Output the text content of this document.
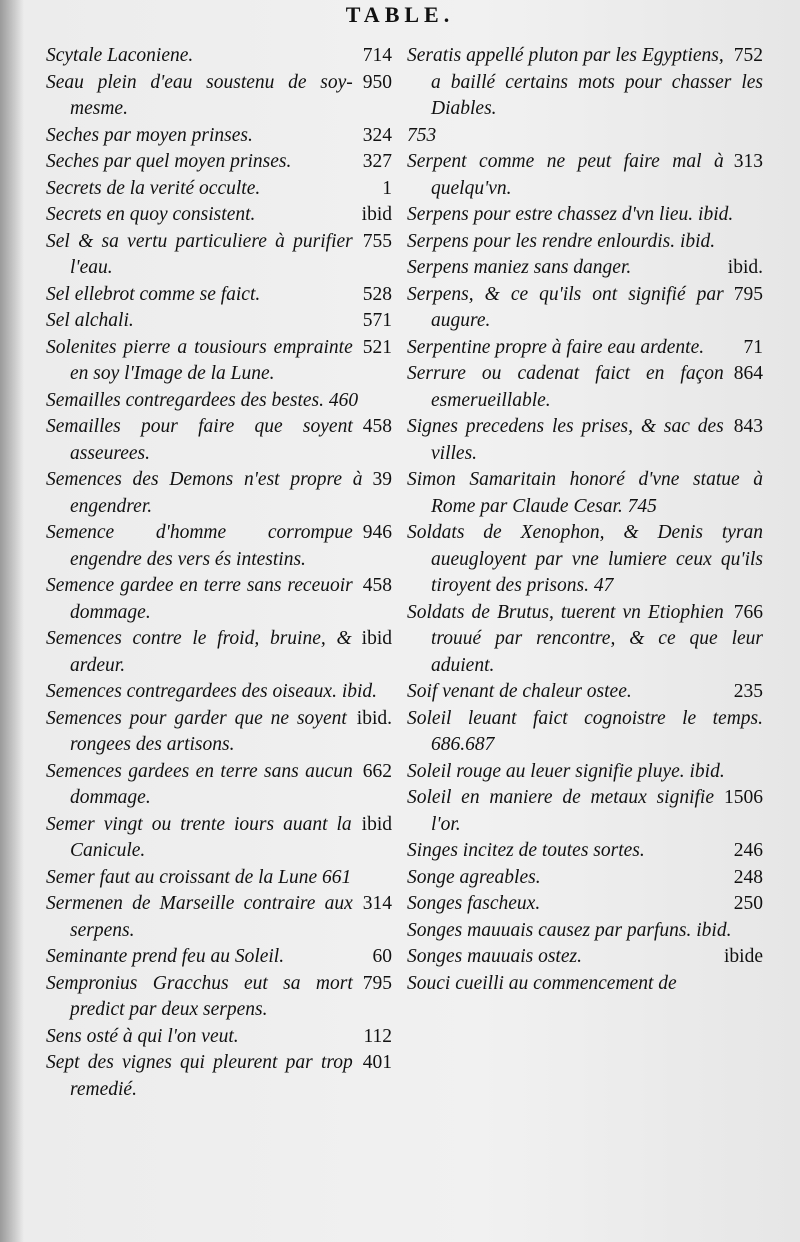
TABLE.
714
Scytale Laconiene.
950
Seau plein d'eau soustenu de soy-mesme.
324
Seches par moyen prinses.
327
Seches par quel moyen prinses.
1
Secrets de la verité occulte.
ibid
Secrets en quoy consistent.
755
Sel & sa vertu particuliere à purifier l'eau.
528
Sel ellebrot comme se faict.
571
Sel alchali.
521
Solenites pierre a tousiours emprainte en soy l'Image de la Lune.
Semailles contregardees des bestes. 460
458
Semailles pour faire que soyent asseurees.
39
Semences des Demons n'est propre à engendrer.
946
Semence d'homme corrompue engendre des vers és intestins.
458
Semence gardee en terre sans receuoir dommage.
ibid
Semences contre le froid, bruine, & ardeur.
Semences contregardees des oiseaux. ibid.
ibid.
Semences pour garder que ne soyent rongees des artisons.
662
Semences gardees en terre sans aucun dommage.
ibid
Semer vingt ou trente iours auant la Canicule.
Semer faut au croissant de la Lune 661
314
Sermenen de Marseille contraire aux serpens.
60
Seminante prend feu au Soleil.
795
Sempronius Gracchus eut sa mort predict par deux serpens.
112
Sens osté à qui l'on veut.
401
Sept des vignes qui pleurent par trop remedié.
752
Seratis appellé pluton par les Egyptiens, a baillé certains mots pour chasser les Diables.
753
313
Serpent comme ne peut faire mal à quelqu'vn.
Serpens pour estre chassez d'vn lieu. ibid.
Serpens pour les rendre enlourdis. ibid.
ibid.
Serpens maniez sans danger.
795
Serpens, & ce qu'ils ont signifié par augure.
71
Serpentine propre à faire eau ardente.
864
Serrure ou cadenat faict en façon esmerueillable.
843
Signes precedens les prises, & sac des villes.
Simon Samaritain honoré d'vne statue à Rome par Claude Cesar. 745
Soldats de Xenophon, & Denis tyran aueugloyent par vne lumiere ceux qu'ils tiroyent des prisons. 47
766
Soldats de Brutus, tuerent vn Etiophien trouué par rencontre, & ce que leur aduient.
235
Soif venant de chaleur ostee.
Soleil leuant faict cognoistre le temps. 686.687
Soleil rouge au leuer signifie pluye. ibid.
1506
Soleil en maniere de metaux signifie l'or.
246
Singes incitez de toutes sortes.
248
Songe agreables.
250
Songes fascheux.
Songes mauuais causez par parfuns. ibid.
ibide
Songes mauuais ostez.
Souci cueilli au commencement de
